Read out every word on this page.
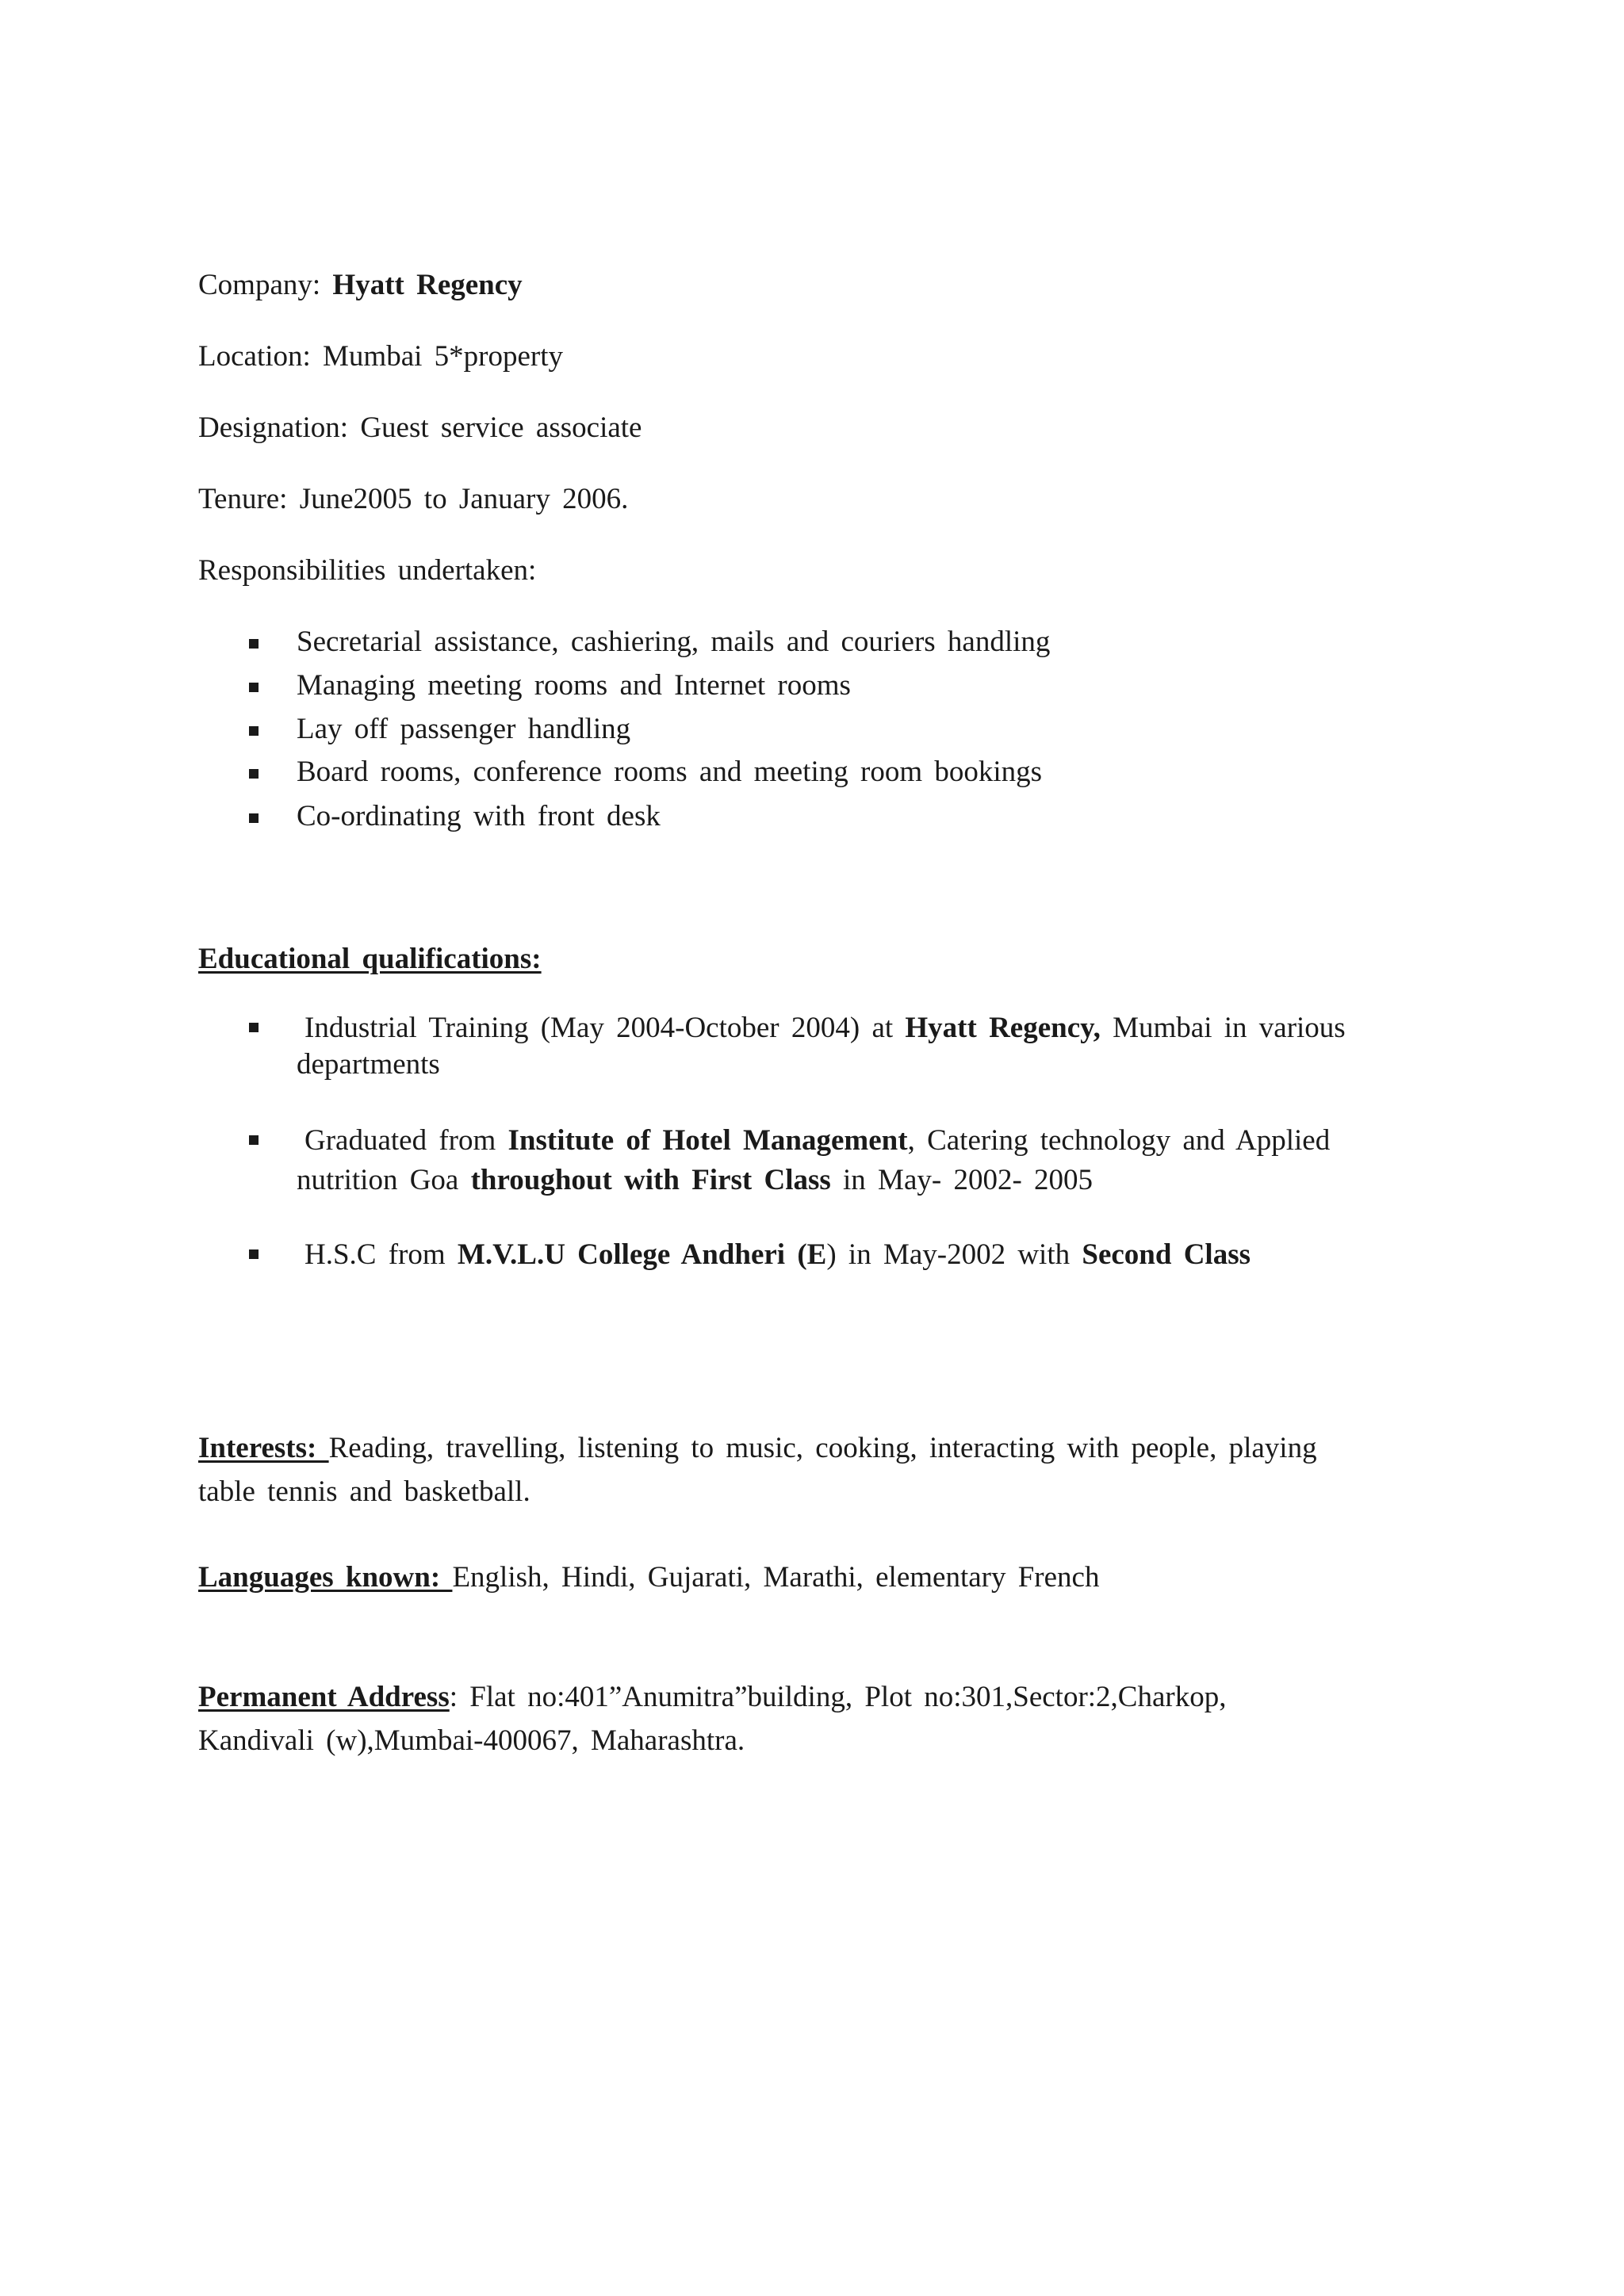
Company: Hyatt Regency
Location: Mumbai 5*property
Designation: Guest service associate
Tenure: June2005 to January 2006.
Responsibilities undertaken:
Secretarial assistance, cashiering, mails and couriers handling
Managing meeting rooms and Internet rooms
Lay off passenger handling
Board rooms, conference rooms and meeting room bookings
Co-ordinating with front desk
Educational qualifications:
Industrial Training (May 2004-October 2004) at Hyatt Regency, Mumbai in various
departments
Graduated from Institute of Hotel Management, Catering technology and Applied
nutrition Goa throughout with First Class in May- 2002- 2005
H.S.C from M.V.L.U College Andheri (E) in May-2002 with Second Class
Interests: Reading, travelling, listening to music, cooking, interacting with people, playing
table tennis and basketball.
Languages known: English, Hindi, Gujarati, Marathi, elementary French
Permanent Address: Flat no:401”Anumitra”building, Plot no:301,Sector:2,Charkop,
Kandivali (w),Mumbai-400067, Maharashtra.
